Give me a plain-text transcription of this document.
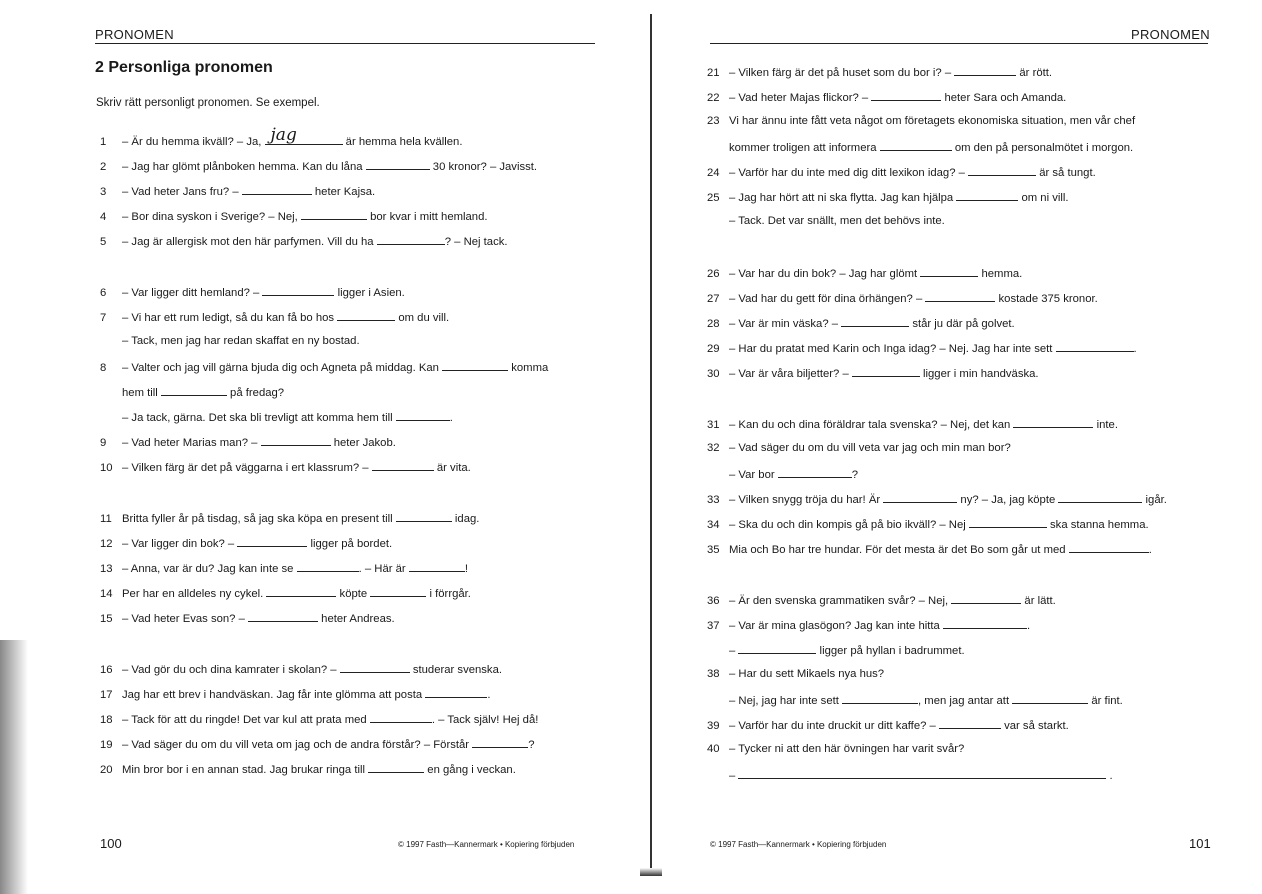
PRONOMEN
2 Personliga pronomen
Skriv rätt personligt pronomen. Se exempel.
1 – Är du hemma ikväll? – Ja, jag	är hemma hela kvällen.
2 – Jag har glömt plånboken hemma. Kan du låna	30 kronor? – Javisst.
3 – Vad heter Jans fru? –	heter Kajsa.
4 – Bor dina syskon i Sverige? – Nej,	bor kvar i mitt hemland.
5 – Jag är allergisk mot den här parfymen. Vill du ha	? – Nej tack.
6 – Var ligger ditt hemland? –	ligger i Asien.
7 – Vi har ett rum ledigt, så du kan få bo hos	om du vill.
– Tack, men jag har redan skaffat en ny bostad.
8 – Valter och jag vill gärna bjuda dig och Agneta på middag. Kan	komma
hem till	på fredag?
– Ja tack, gärna. Det ska bli trevligt att komma hem till	.
9 – Vad heter Marias man? –	heter Jakob.
10 – Vilken färg är det på väggarna i ert klassrum? –	är vita.
11 Britta fyller år på tisdag, så jag ska köpa en present till	idag.
12 – Var ligger din bok? –	ligger på bordet.
13 – Anna, var är du? Jag kan inte se	. – Här är	!
14 Per har en alldeles ny cykel.	köpte	i förrgår.
15 – Vad heter Evas son? –	heter Andreas.
16 – Vad gör du och dina kamrater i skolan? –	studerar svenska.
17 Jag har ett brev i handväskan. Jag får inte glömma att posta	.
18 – Tack för att du ringde! Det var kul att prata med	. – Tack själv! Hej då!
19 – Vad säger du om du vill veta om jag och de andra förstår? – Förstår	?
20 Min bror bor i en annan stad. Jag brukar ringa till	en gång i veckan.
100	© 1997 Fasth—Kannermark • Kopiering förbjuden
PRONOMEN
21 – Vilken färg är det på huset som du bor i? –	är rött.
22 – Vad heter Majas flickor? –	heter Sara och Amanda.
23 Vi har ännu inte fått veta något om företagets ekonomiska situation, men vår chef
kommer troligen att informera	om den på personalmötet i morgon.
24 – Varför har du inte med dig ditt lexikon idag? –	är så tungt.
25 – Jag har hört att ni ska flytta. Jag kan hjälpa	om ni vill.
– Tack. Det var snällt, men det behövs inte.
26 – Var har du din bok? – Jag har glömt	hemma.
27 – Vad har du gett för dina örhängen? –	kostade 375 kronor.
28 – Var är min väska? –	står ju där på golvet.
29 – Har du pratat med Karin och Inga idag? – Nej. Jag har inte sett	.
30 – Var är våra biljetter? –	ligger i min handväska.
31 – Kan du och dina föräldrar tala svenska? – Nej, det kan	inte.
32 – Vad säger du om du vill veta var jag och min man bor?
– Var bor	?
33 – Vilken snygg tröja du har! Är	ny? – Ja, jag köpte	igår.
34 – Ska du och din kompis gå på bio ikväll? – Nej	ska stanna hemma.
35 Mia och Bo har tre hundar. För det mesta är det Bo som går ut med	.
36 – Är den svenska grammatiken svår? – Nej,	är lätt.
37 – Var är mina glasögon? Jag kan inte hitta	.
–	ligger på hyllan i badrummet.
38 – Har du sett Mikaels nya hus?
– Nej, jag har inte sett	, men jag antar att	är fint.
39 – Varför har du inte druckit ur ditt kaffe? –	var så starkt.
40 – Tycker ni att den här övningen har varit svår?
–	.
© 1997 Fasth—Kannermark • Kopiering förbjuden	101
